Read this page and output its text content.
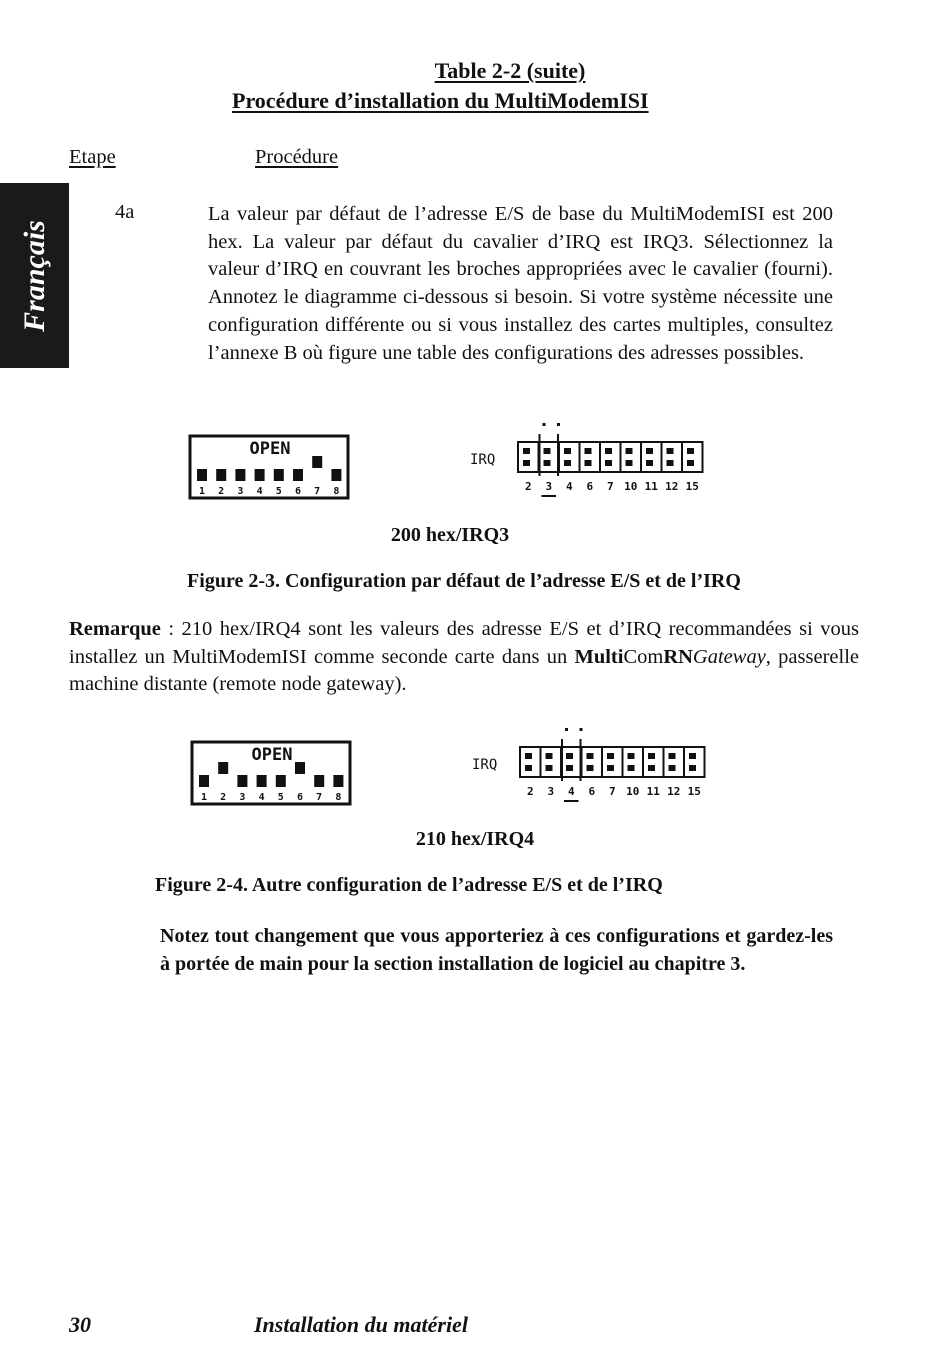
Table 2-2 (suite)
Procédure d’installation du MultiModemISI
Etape	Procédure
Français
4a	La valeur par défaut de l’adresse E/S de base du MultiModemISI est 200 hex. La valeur par défaut du cavalier d’IRQ est IRQ3. Sélectionnez la valeur d’IRQ en couvrant les broches appropriées avec le cavalier (fourni). Annotez le diagramme ci-dessous si besoin. Si votre système nécessite une configuration différente ou si vous installez des cartes multiples, consultez l’annexe B où figure une table des configurations des adresses possibles.
OPEN
1 2 3 4 5 6 7 8
IRQ
2 3 4 6 7 10 11 12 15
200 hex/IRQ3
Figure 2-3. Configuration par défaut de l’adresse E/S et de l’IRQ
Remarque : 210 hex/IRQ4 sont les valeurs des adresse E/S et d’IRQ recommandées si vous installez un MultiModemISI comme seconde carte dans un MultiComRNGateway, passerelle machine distante (remote node gateway).
OPEN
1 2 3 4 5 6 7 8
IRQ
2 3 4 6 7 10 11 12 15
210 hex/IRQ4
Figure 2-4. Autre configuration de l’adresse E/S et de l’IRQ
Notez tout changement que vous apporteriez à ces configurations et gardez-les à portée de main pour la section installation de logiciel au chapitre 3.
30	Installation du matériel
